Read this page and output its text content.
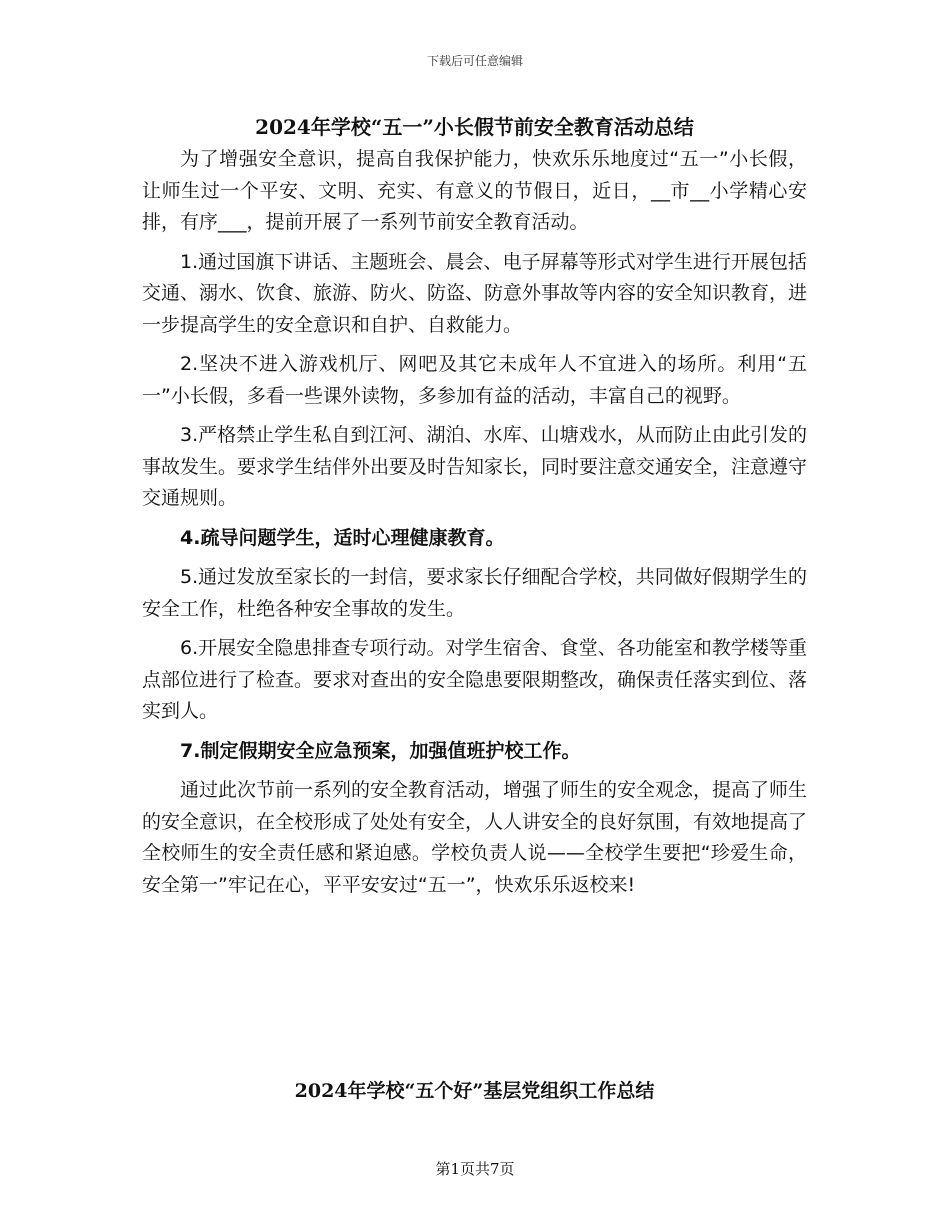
下载后可任意编辑
2024年学校“五一”小长假节前安全教育活动总结

为了增强安全意识，提高自我保护能力，快欢乐乐地度过“五一”小长假，让师生过一个平安、文明、充实、有意义的节假日，近日，__市__小学精心安排，有序___，提前开展了一系列节前安全教育活动。

1.通过国旗下讲话、主题班会、晨会、电子屏幕等形式对学生进行开展包括交通、溺水、饮食、旅游、防火、防盗、防意外事故等内容的安全知识教育，进一步提高学生的安全意识和自护、自救能力。

2.坚决不进入游戏机厅、网吧及其它未成年人不宜进入的场所。利用“五一”小长假，多看一些课外读物，多参加有益的活动，丰富自己的视野。

3.严格禁止学生私自到江河、湖泊、水库、山塘戏水，从而防止由此引发的事故发生。要求学生结伴外出要及时告知家长，同时要注意交通安全，注意遵守交通规则。

4.疏导问题学生，适时心理健康教育。

5.通过发放至家长的一封信，要求家长仔细配合学校，共同做好假期学生的安全工作，杜绝各种安全事故的发生。

6.开展安全隐患排查专项行动。对学生宿舍、食堂、各功能室和教学楼等重点部位进行了检查。要求对查出的安全隐患要限期整改，确保责任落实到位、落实到人。

7.制定假期安全应急预案，加强值班护校工作。

通过此次节前一系列的安全教育活动，增强了师生的安全观念，提高了师生的安全意识，在全校形成了处处有安全，人人讲安全的良好氛围，有效地提高了全校师生的安全责任感和紧迫感。学校负责人说——全校学生要把“珍爱生命，安全第一”牢记在心，平平安安过“五一”，快欢乐乐返校来!

2024年学校“五个好”基层党组织工作总结
第1页共7页
